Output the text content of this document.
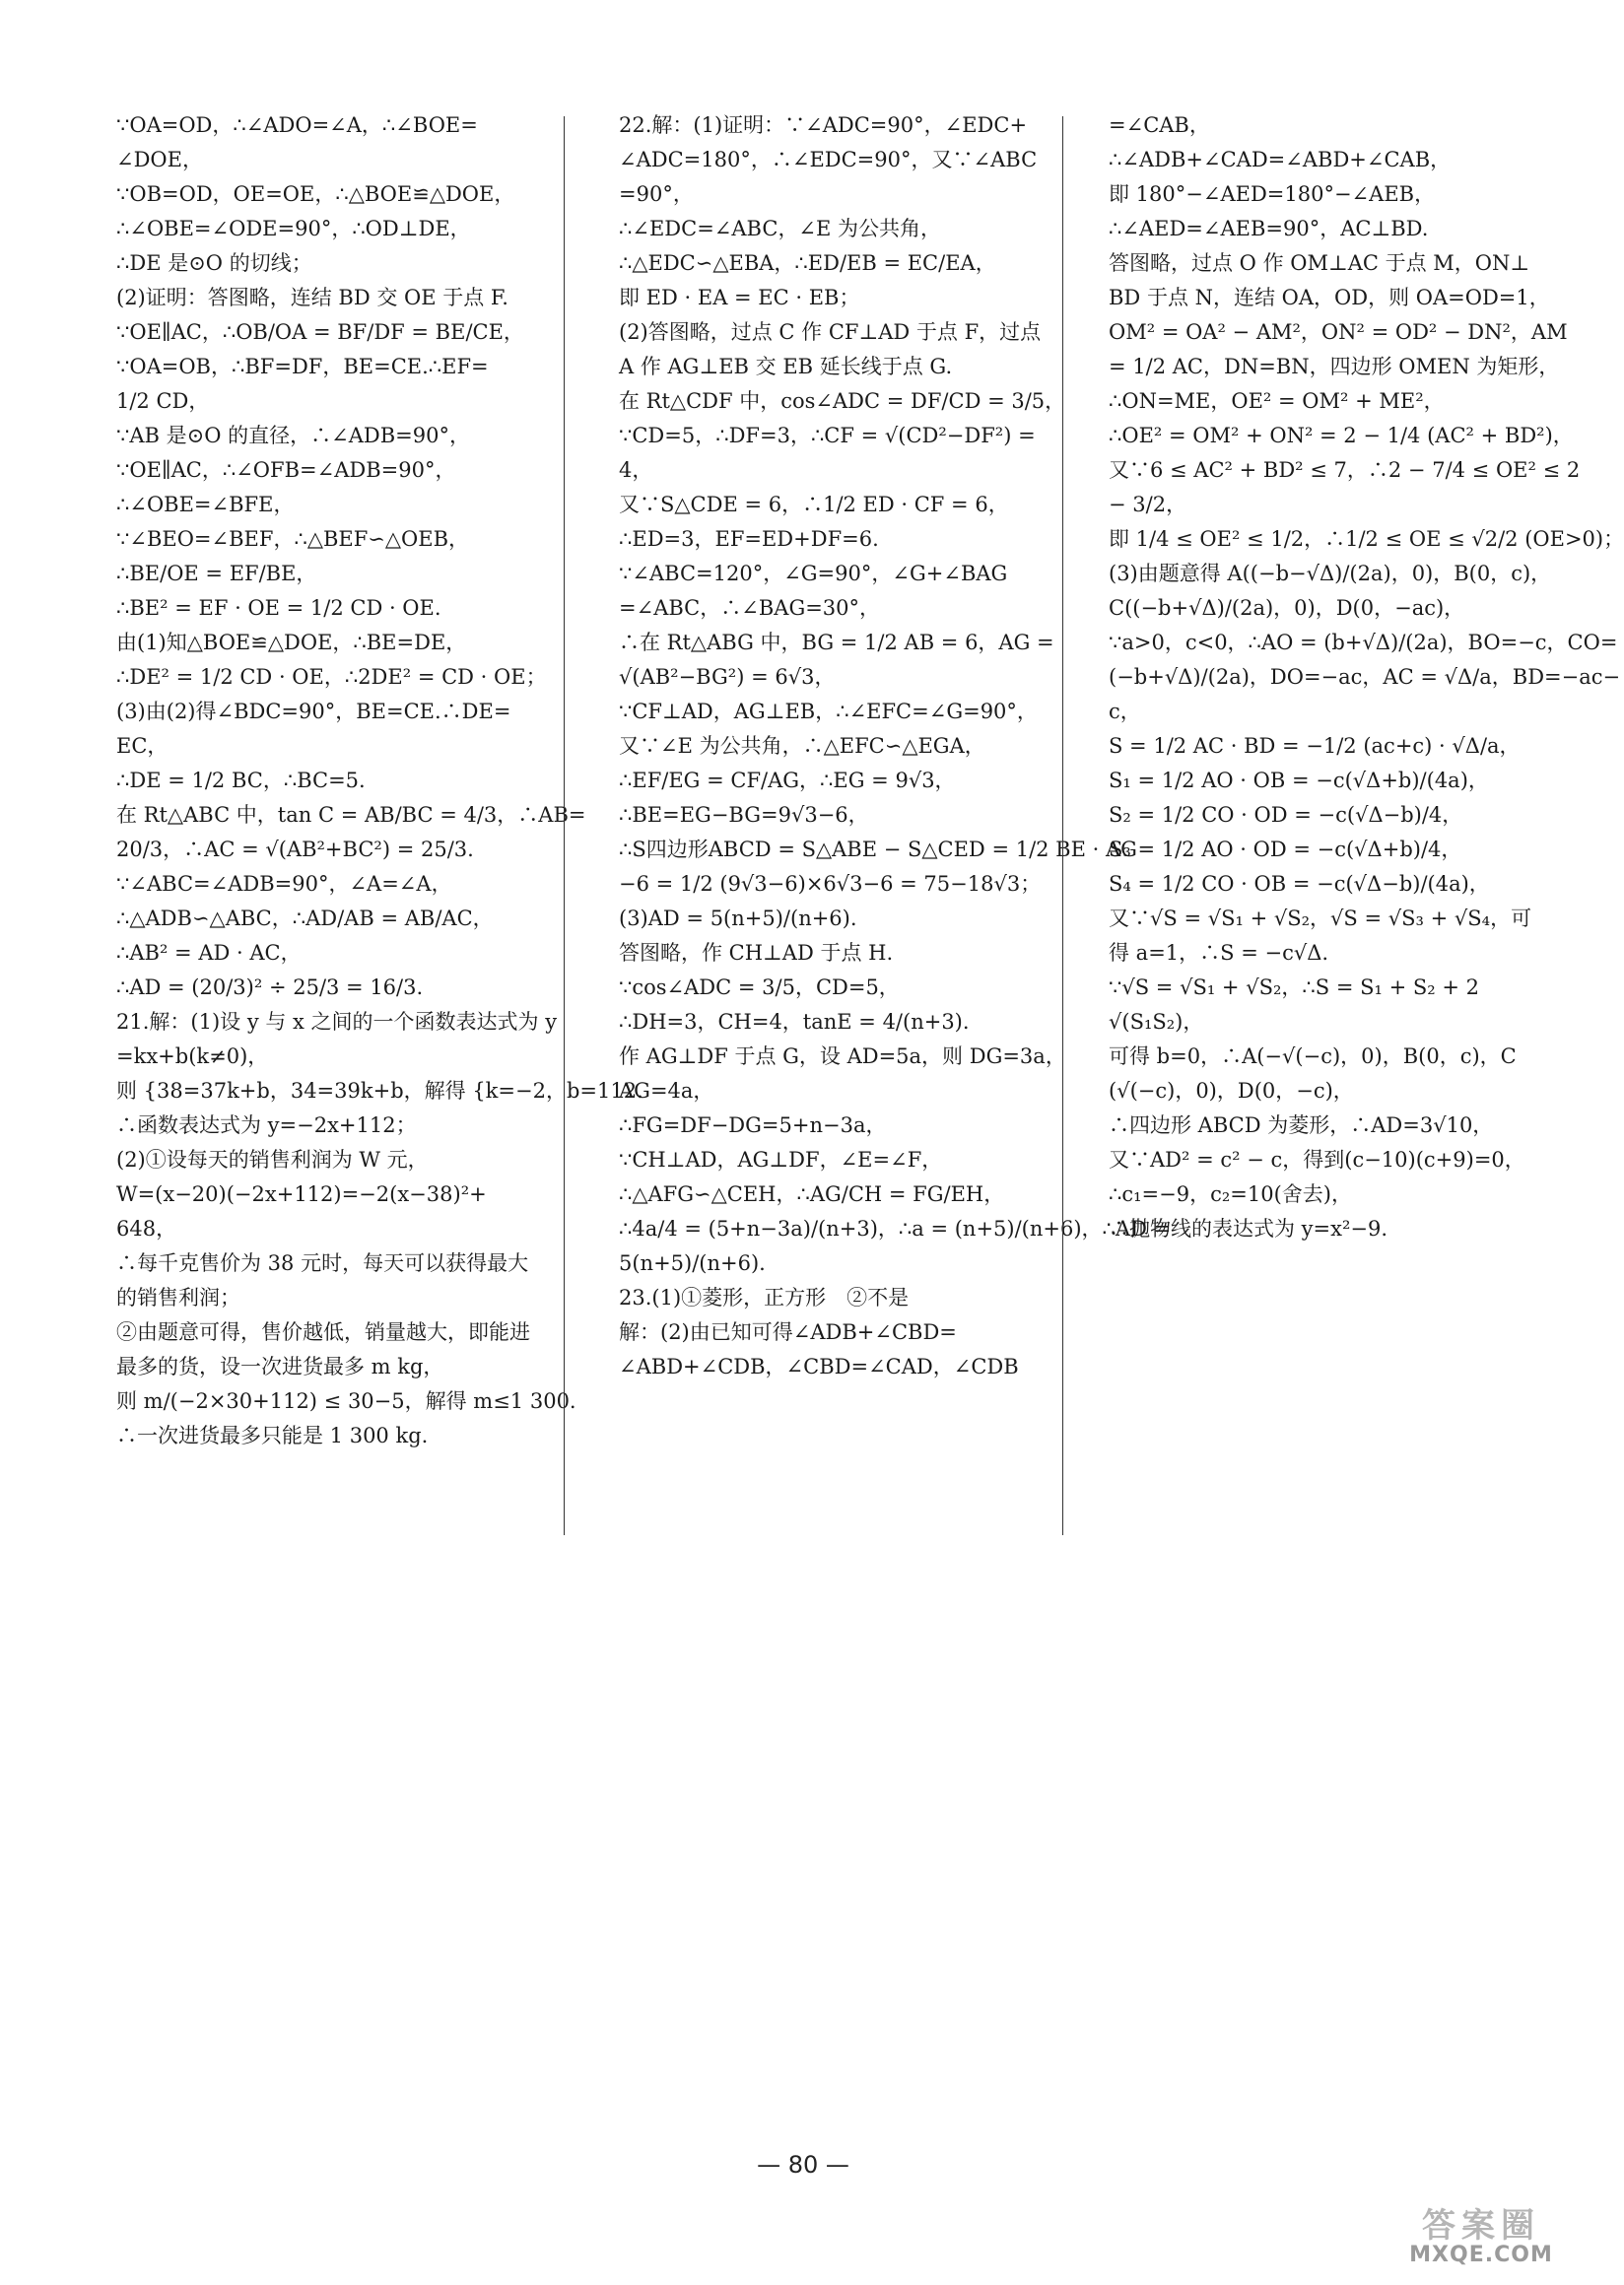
∵OA=OD，∴∠ADO=∠A，∴∠BOE=
∠DOE，
∵OB=OD，OE=OE，∴△BOE≌△DOE，
∴∠OBE=∠ODE=90°，∴OD⊥DE，
∴DE 是⊙O 的切线；
(2)证明：答图略，连结 BD 交 OE 于点 F.
∵OE∥AC，∴OB/OA = BF/DF = BE/CE，
∵OA=OB，∴BF=DF，BE=CE.∴EF=
1/2 CD，
∵AB 是⊙O 的直径，∴∠ADB=90°，
∵OE∥AC，∴∠OFB=∠ADB=90°，
∴∠OBE=∠BFE，
∵∠BEO=∠BEF，∴△BEF∽△OEB，
∴BE/OE = EF/BE，
∴BE² = EF · OE = 1/2 CD · OE.
由(1)知△BOE≌△DOE，∴BE=DE，
∴DE² = 1/2 CD · OE，∴2DE² = CD · OE；
(3)由(2)得∠BDC=90°，BE=CE.∴DE=
EC，
∴DE = 1/2 BC，∴BC=5.
在 Rt△ABC 中，tan C = AB/BC = 4/3，∴AB=
20/3，∴AC = √(AB²+BC²) = 25/3.
∵∠ABC=∠ADB=90°，∠A=∠A，
∴△ADB∽△ABC，∴AD/AB = AB/AC，
∴AB² = AD · AC，
∴AD = (20/3)² ÷ 25/3 = 16/3.
21.解：(1)设 y 与 x 之间的一个函数表达式为 y
=kx+b(k≠0)，
则 {38=37k+b，34=39k+b，解得 {k=−2，b=112.
∴函数表达式为 y=−2x+112；
(2)①设每天的销售利润为 W 元，
W=(x−20)(−2x+112)=−2(x−38)²+
648，
∴每千克售价为 38 元时，每天可以获得最大
的销售利润；
②由题意可得，售价越低，销量越大，即能进
最多的货，设一次进货最多 m kg，
则 m/(−2×30+112) ≤ 30−5，解得 m≤1 300.
∴一次进货最多只能是 1 300 kg.
22.解：(1)证明：∵∠ADC=90°，∠EDC+
∠ADC=180°，∴∠EDC=90°，又∵∠ABC
=90°，
∴∠EDC=∠ABC，∠E 为公共角，
∴△EDC∽△EBA，∴ED/EB = EC/EA，
即 ED · EA = EC · EB；
(2)答图略，过点 C 作 CF⊥AD 于点 F，过点
A 作 AG⊥EB 交 EB 延长线于点 G.
在 Rt△CDF 中，cos∠ADC = DF/CD = 3/5，
∵CD=5，∴DF=3，∴CF = √(CD²−DF²) =
4，
又∵S△CDE = 6，∴1/2 ED · CF = 6，
∴ED=3，EF=ED+DF=6.
∵∠ABC=120°，∠G=90°，∠G+∠BAG
=∠ABC，∴∠BAG=30°，
∴在 Rt△ABG 中，BG = 1/2 AB = 6，AG =
√(AB²−BG²) = 6√3，
∵CF⊥AD，AG⊥EB，∴∠EFC=∠G=90°，
又∵∠E 为公共角，∴△EFC∽△EGA，
∴EF/EG = CF/AG，∴EG = 9√3，
∴BE=EG−BG=9√3−6，
∴S四边形ABCD = S△ABE − S△CED = 1/2 BE · AG
−6 = 1/2 (9√3−6)×6√3−6 = 75−18√3；
(3)AD = 5(n+5)/(n+6).
答图略，作 CH⊥AD 于点 H.
∵cos∠ADC = 3/5，CD=5，
∴DH=3，CH=4，tanE = 4/(n+3).
作 AG⊥DF 于点 G，设 AD=5a，则 DG=3a，
AG=4a，
∴FG=DF−DG=5+n−3a，
∵CH⊥AD，AG⊥DF，∠E=∠F，
∴△AFG∽△CEH，∴AG/CH = FG/EH，
∴4a/4 = (5+n−3a)/(n+3)，∴a = (n+5)/(n+6)，∴AD =
5(n+5)/(n+6).
23.(1)①菱形，正方形　②不是
解：(2)由已知可得∠ADB+∠CBD=
∠ABD+∠CDB，∠CBD=∠CAD，∠CDB
=∠CAB，
∴∠ADB+∠CAD=∠ABD+∠CAB，
即 180°−∠AED=180°−∠AEB，
∴∠AED=∠AEB=90°，AC⊥BD.
答图略，过点 O 作 OM⊥AC 于点 M，ON⊥
BD 于点 N，连结 OA，OD，则 OA=OD=1，
OM² = OA² − AM²，ON² = OD² − DN²，AM
= 1/2 AC，DN=BN，四边形 OMEN 为矩形，
∴ON=ME，OE² = OM² + ME²，
∴OE² = OM² + ON² = 2 − 1/4 (AC² + BD²)，
又∵6 ≤ AC² + BD² ≤ 7，∴2 − 7/4 ≤ OE² ≤ 2
− 3/2，
即 1/4 ≤ OE² ≤ 1/2，∴1/2 ≤ OE ≤ √2/2 (OE>0)；
(3)由题意得 A((−b−√Δ)/(2a)，0)，B(0，c)，
C((−b+√Δ)/(2a)，0)，D(0，−ac)，
∵a>0，c<0，∴AO = (b+√Δ)/(2a)，BO=−c，CO=
(−b+√Δ)/(2a)，DO=−ac，AC = √Δ/a，BD=−ac−
c，
S = 1/2 AC · BD = −1/2 (ac+c) · √Δ/a，
S₁ = 1/2 AO · OB = −c(√Δ+b)/(4a)，
S₂ = 1/2 CO · OD = −c(√Δ−b)/4，
S₃ = 1/2 AO · OD = −c(√Δ+b)/4，
S₄ = 1/2 CO · OB = −c(√Δ−b)/(4a)，
又∵√S = √S₁ + √S₂，√S = √S₃ + √S₄，可
得 a=1，∴S = −c√Δ.
∵√S = √S₁ + √S₂，∴S = S₁ + S₂ + 2
√(S₁S₂)，
可得 b=0，∴A(−√(−c)，0)，B(0，c)，C
(√(−c)，0)，D(0，−c)，
∴四边形 ABCD 为菱形，∴AD=3√10，
又∵AD² = c² − c，得到(c−10)(c+9)=0，
∴c₁=−9，c₂=10(舍去)，
∴抛物线的表达式为 y=x²−9.
— 80 —
答案圈
MXQE.COM
